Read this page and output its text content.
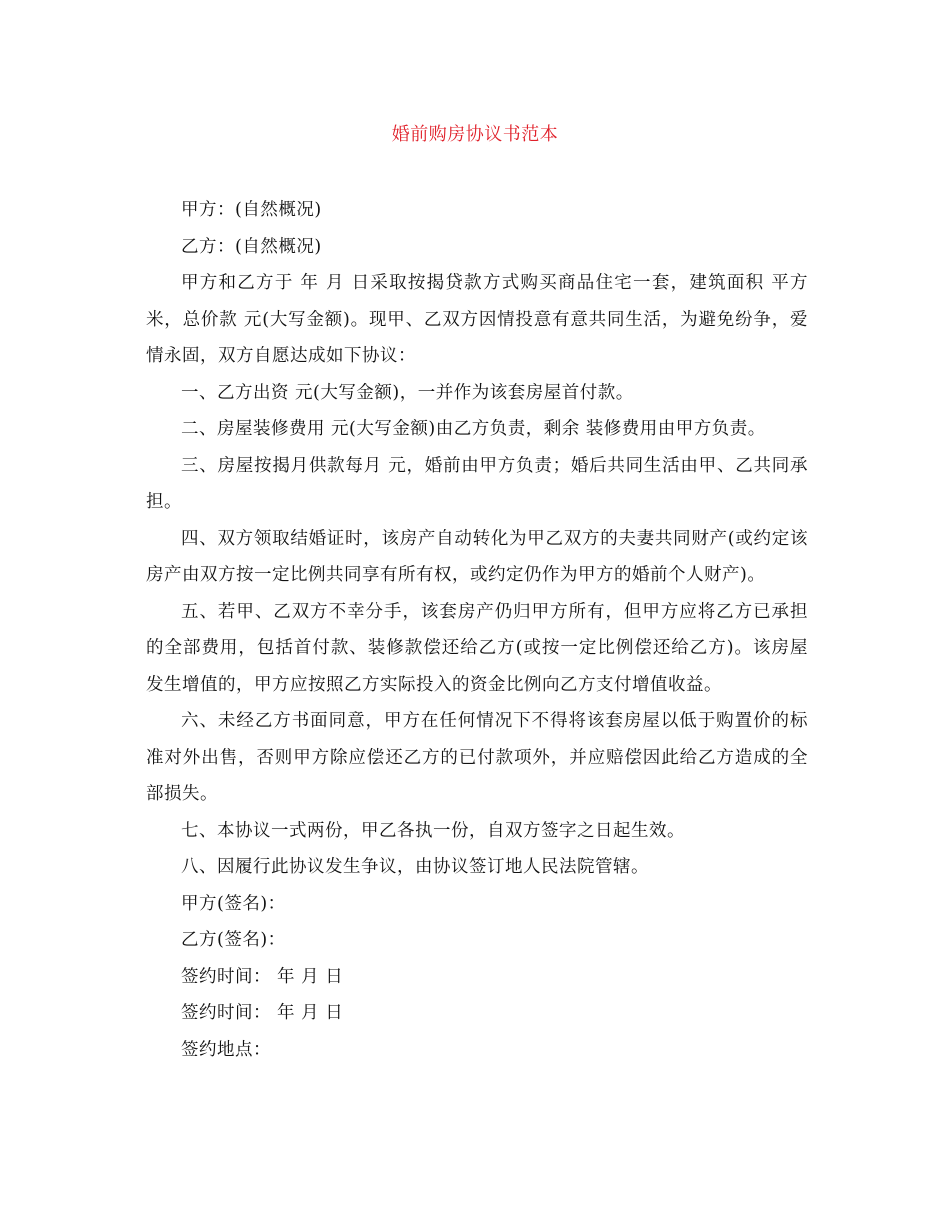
婚前购房协议书范本

甲方：(自然概况)

乙方：(自然概况)

甲方和乙方于 年 月 日采取按揭贷款方式购买商品住宅一套，建筑面积 平方米，总价款 元(大写金额)。现甲、乙双方因情投意有意共同生活，为避免纷争，爱情永固，双方自愿达成如下协议：

一、乙方出资 元(大写金额)，一并作为该套房屋首付款。

二、房屋装修费用 元(大写金额)由乙方负责，剩余 装修费用由甲方负责。

三、房屋按揭月供款每月 元，婚前由甲方负责；婚后共同生活由甲、乙共同承担。

四、双方领取结婚证时，该房产自动转化为甲乙双方的夫妻共同财产(或约定该房产由双方按一定比例共同享有所有权，或约定仍作为甲方的婚前个人财产)。

五、若甲、乙双方不幸分手，该套房产仍归甲方所有，但甲方应将乙方已承担的全部费用，包括首付款、装修款偿还给乙方(或按一定比例偿还给乙方)。该房屋发生增值的，甲方应按照乙方实际投入的资金比例向乙方支付增值收益。

六、未经乙方书面同意，甲方在任何情况下不得将该套房屋以低于购置价的标准对外出售，否则甲方除应偿还乙方的已付款项外，并应赔偿因此给乙方造成的全部损失。

七、本协议一式两份，甲乙各执一份，自双方签字之日起生效。

八、因履行此协议发生争议，由协议签订地人民法院管辖。

甲方(签名)：

乙方(签名)：

签约时间： 年 月 日

签约时间： 年 月 日

签约地点：
